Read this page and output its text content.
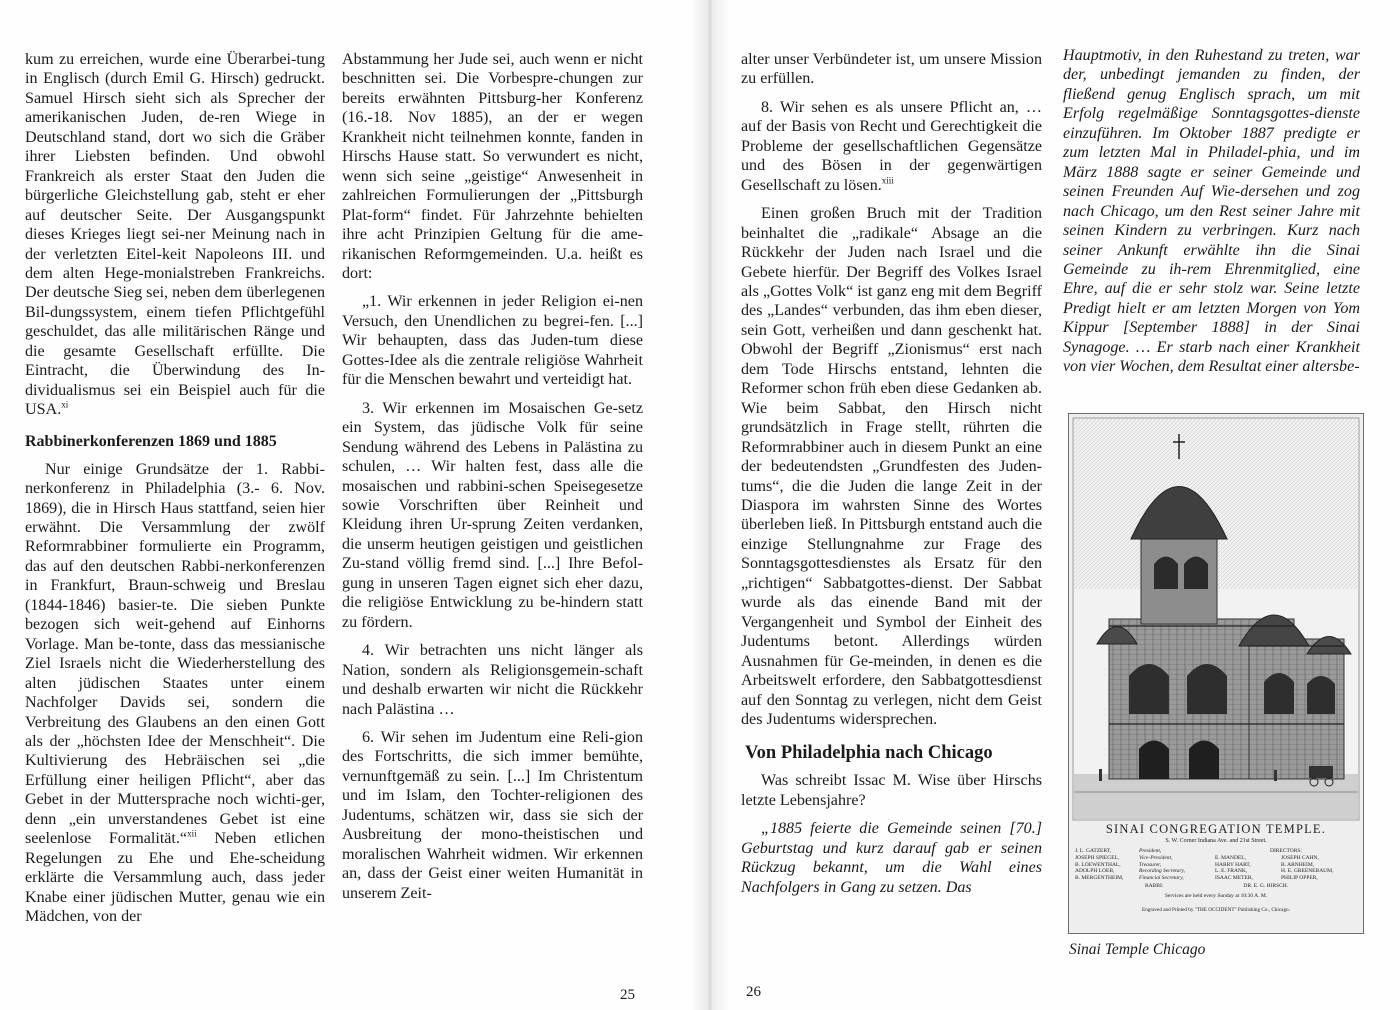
kum zu erreichen, wurde eine Überarbei-tung in Englisch (durch Emil G. Hirsch) gedruckt. Samuel Hirsch sieht sich als Sprecher der amerikanischen Juden, de-ren Wiege in Deutschland stand, dort wo sich die Gräber ihrer Liebsten befinden. Und obwohl Frankreich als erster Staat den Juden die bürgerliche Gleichstellung gab, steht er eher auf deutscher Seite. Der Ausgangspunkt dieses Krieges liegt sei-ner Meinung nach in der verletzten Eitel-keit Napoleons III. und dem alten Hege-monialstreben Frankreichs. Der deutsche Sieg sei, neben dem überlegenen Bil-dungssystem, einem tiefen Pflichtgefühl geschuldet, das alle militärischen Ränge und die gesamte Gesellschaft erfüllte. Die Eintracht, die Überwindung des In-dividualismus sei ein Beispiel auch für die USA.$^{xi}$

Rabbinerkonferenzen 1869 und 1885

Nur einige Grundsätze der 1. Rabbi-nerkonferenz in Philadelphia (3.- 6. Nov. 1869), die in Hirsch Haus stattfand, seien hier erwähnt. Die Versammlung der zwölf Reformrabbiner formulierte ein Programm, das auf den deutschen Rabbi-nerkonferenzen in Frankfurt, Braun-schweig und Breslau (1844-1846) basier-te. Die sieben Punkte bezogen sich weit-gehend auf Einhorns Vorlage. Man be-tonte, dass das messianische Ziel Israels nicht die Wiederherstellung des alten jüdischen Staates unter einem Nachfolger Davids sei, sondern die Verbreitung des Glaubens an den einen Gott als der „höchsten Idee der Menschheit“. Die Kultivierung des Hebräischen sei „die Erfüllung einer heiligen Pflicht“, aber das Gebet in der Muttersprache noch wichti-ger, denn „ein unverstandenes Gebet ist eine seelenlose Formalität.“$^{xii}$ Neben etlichen Regelungen zu Ehe und Ehe-scheidung erklärte die Versammlung auch, dass jeder Knabe einer jüdischen Mutter, genau wie ein Mädchen, von der

Abstammung her Jude sei, auch wenn er nicht beschnitten sei. Die Vorbespre-chungen zur bereits erwähnten Pittsburg-her Konferenz (16.-18. Nov 1885), an der er wegen Krankheit nicht teilnehmen konnte, fanden in Hirschs Hause statt. So verwundert es nicht, wenn sich seine „geistige“ Anwesenheit in zahlreichen Formulierungen der „Pittsburgh Plat-form“ findet. Für Jahrzehnte behielten ihre acht Prinzipien Geltung für die ame-rikanischen Reformgemeinden. U.a. heißt es dort:

„1. Wir erkennen in jeder Religion ei-nen Versuch, den Unendlichen zu begrei-fen. [...] Wir behaupten, dass das Juden-tum diese Gottes-Idee als die zentrale religiöse Wahrheit für die Menschen bewahrt und verteidigt hat.

3. Wir erkennen im Mosaischen Ge-setz ein System, das jüdische Volk für seine Sendung während des Lebens in Palästina zu schulen, … Wir halten fest, dass alle die mosaischen und rabbini-schen Speisegesetze sowie Vorschriften über Reinheit und Kleidung ihren Ur-sprung Zeiten verdanken, die unserm heutigen geistigen und geistlichen Zu-stand völlig fremd sind. [...] Ihre Befol-gung in unseren Tagen eignet sich eher dazu, die religiöse Entwicklung zu be-hindern statt zu fördern.

4. Wir betrachten uns nicht länger als Nation, sondern als Religionsgemein-schaft und deshalb erwarten wir nicht die Rückkehr nach Palästina …

6. Wir sehen im Judentum eine Reli-gion des Fortschritts, die sich immer bemühte, vernunftgemäß zu sein. [...] Im Christentum und im Islam, den Tochter-religionen des Judentums, schätzen wir, dass sie sich der Ausbreitung der mono-theistischen und moralischen Wahrheit widmen. Wir erkennen an, dass der Geist einer weiten Humanität in unserem Zeit-

25

alter unser Verbündeter ist, um unsere Mission zu erfüllen.

8. Wir sehen es als unsere Pflicht an, … auf der Basis von Recht und Gerechtigkeit die Probleme der gesellschaftlichen Gegensätze und des Bösen in der gegenwärtigen Gesellschaft zu lösen.$^{xiii}$

Einen großen Bruch mit der Tradition beinhaltet die „radikale“ Absage an die Rückkehr der Juden nach Israel und die Gebete hierfür. Der Begriff des Volkes Israel als „Gottes Volk“ ist ganz eng mit dem Begriff des „Landes“ verbunden, das ihm eben dieser, sein Gott, verheißen und dann geschenkt hat. Obwohl der Begriff „Zionismus“ erst nach dem Tode Hirschs entstand, lehnten die Reformer schon früh eben diese Gedanken ab. Wie beim Sabbat, den Hirsch nicht grundsätzlich in Frage stellt, rührten die Reformrabbiner auch in diesem Punkt an eine der bedeutendsten „Grundfesten des Juden-tums“, die die Juden die lange Zeit in der Diaspora im wahrsten Sinne des Wortes überleben ließ. In Pittsburgh entstand auch die einzige Stellungnahme zur Frage des Sonntagsgottesdienstes als Ersatz für den „richtigen“ Sabbatgottes-dienst. Der Sabbat wurde als das einende Band mit der Vergangenheit und Symbol der Einheit des Judentums betont. Allerdings würden Ausnahmen für Ge-meinden, in denen es die Arbeitswelt erfordere, den Sabbatgottesdienst auf den Sonntag zu verlegen, nicht dem Geist des Judentums widersprechen.

Von Philadelphia nach Chicago

Was schreibt Issac M. Wise über Hirschs letzte Lebensjahre?

„1885 feierte die Gemeinde seinen [70.] Geburtstag und kurz darauf gab er seinen Rückzug bekannt, um die Wahl eines Nachfolgers in Gang zu setzen. Das

Hauptmotiv, in den Ruhestand zu treten, war der, unbedingt jemanden zu finden, der fließend genug Englisch sprach, um mit Erfolg regelmäßige Sonntagsgottes-dienste einzuführen. Im Oktober 1887 predigte er zum letzten Mal in Philadel-phia, und im März 1888 sagte er seiner Gemeinde und seinen Freunden Auf Wie-dersehen und zog nach Chicago, um den Rest seiner Jahre mit seinen Kindern zu verbringen. Kurz nach seiner Ankunft erwählte ihn die Sinai Gemeinde zu ih-rem Ehrenmitglied, eine Ehre, auf die er sehr stolz war. Seine letzte Predigt hielt er am letzten Morgen von Yom Kippur [September 1888] in der Sinai Synagoge. … Er starb nach einer Krankheit von vier Wochen, dem Resultat einer altersbe-

SINAI CONGREGATION TEMPLE.
S. W. Corner Indiana Ave. and 21st Street.
J. L. GATZERT,
JOSEPH SPIEGEL,
B. LOEWENTHAL,
ADOLPH LOEB,
B. MERGENTHEIM,
President,
Vice-President,
Treasurer,
Recording Secretary,
Financial Secretary,
DIRECTORS:
E. MANDEL,
HARRY HART,
L. E. FRANK,
ISAAC METER,
JOSEPH CAHN,
B. ARNHEIM,
H. E. GREENEBAUM,
PHILIP OPPER,
RABBI:	DR. E. G. HIRSCH.
Services are held every Sunday at 10:30 A. M.
Engraved and Printed by "THE OCCIDENT" Publishing Co., Chicago.
Sinai Temple Chicago
26
